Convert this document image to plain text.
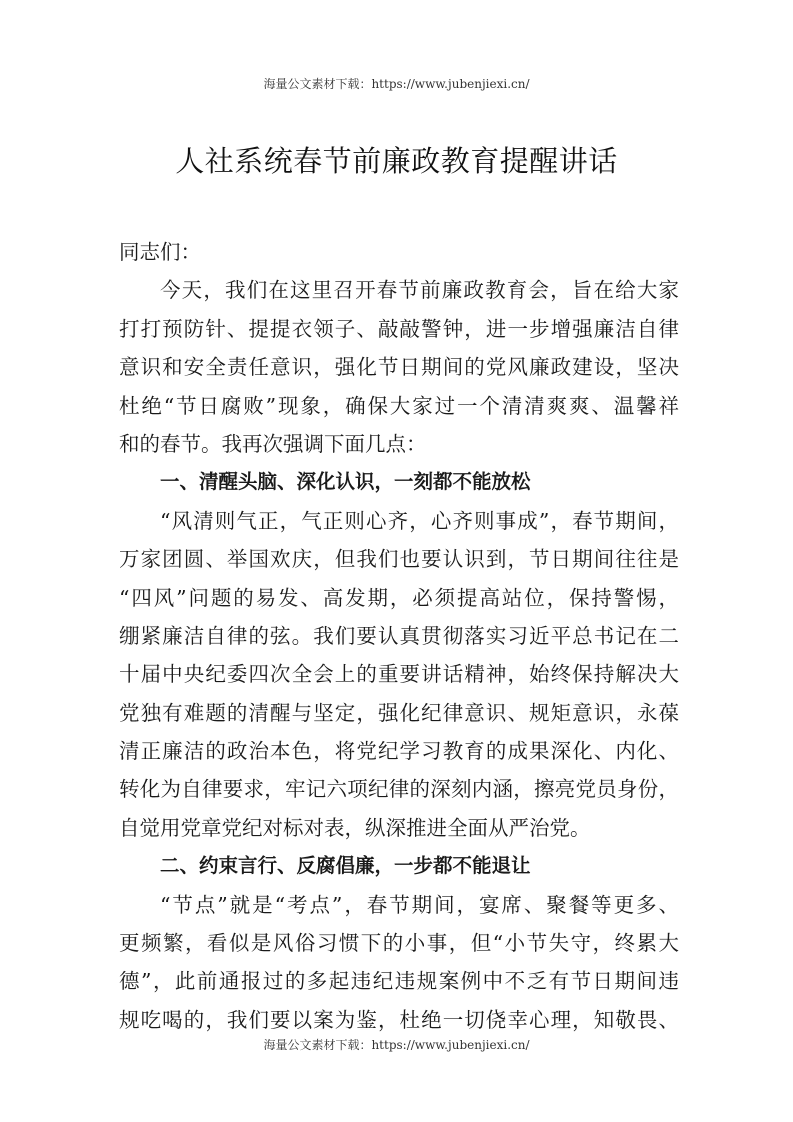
海量公文素材下载：https://www.jubenjiexi.cn/
人社系统春节前廉政教育提醒讲话
同志们：
今天，我们在这里召开春节前廉政教育会，旨在给大家
打打预防针、提提衣领子、敲敲警钟，进一步增强廉洁自律
意识和安全责任意识，强化节日期间的党风廉政建设，坚决
杜绝“节日腐败”现象，确保大家过一个清清爽爽、温馨祥
和的春节。我再次强调下面几点：
一、清醒头脑、深化认识，一刻都不能放松
“风清则气正，气正则心齐，心齐则事成”，春节期间，
万家团圆、举国欢庆，但我们也要认识到，节日期间往往是
“四风”问题的易发、高发期，必须提高站位，保持警惕，
绷紧廉洁自律的弦。我们要认真贯彻落实习近平总书记在二
十届中央纪委四次全会上的重要讲话精神，始终保持解决大
党独有难题的清醒与坚定，强化纪律意识、规矩意识，永葆
清正廉洁的政治本色，将党纪学习教育的成果深化、内化、
转化为自律要求，牢记六项纪律的深刻内涵，擦亮党员身份，
自觉用党章党纪对标对表，纵深推进全面从严治党。
二、约束言行、反腐倡廉，一步都不能退让
“节点”就是“考点”，春节期间，宴席、聚餐等更多、
更频繁，看似是风俗习惯下的小事，但“小节失守，终累大
德”，此前通报过的多起违纪违规案例中不乏有节日期间违
规吃喝的，我们要以案为鉴，杜绝一切侥幸心理，知敬畏、
海量公文素材下载：https://www.jubenjiexi.cn/
